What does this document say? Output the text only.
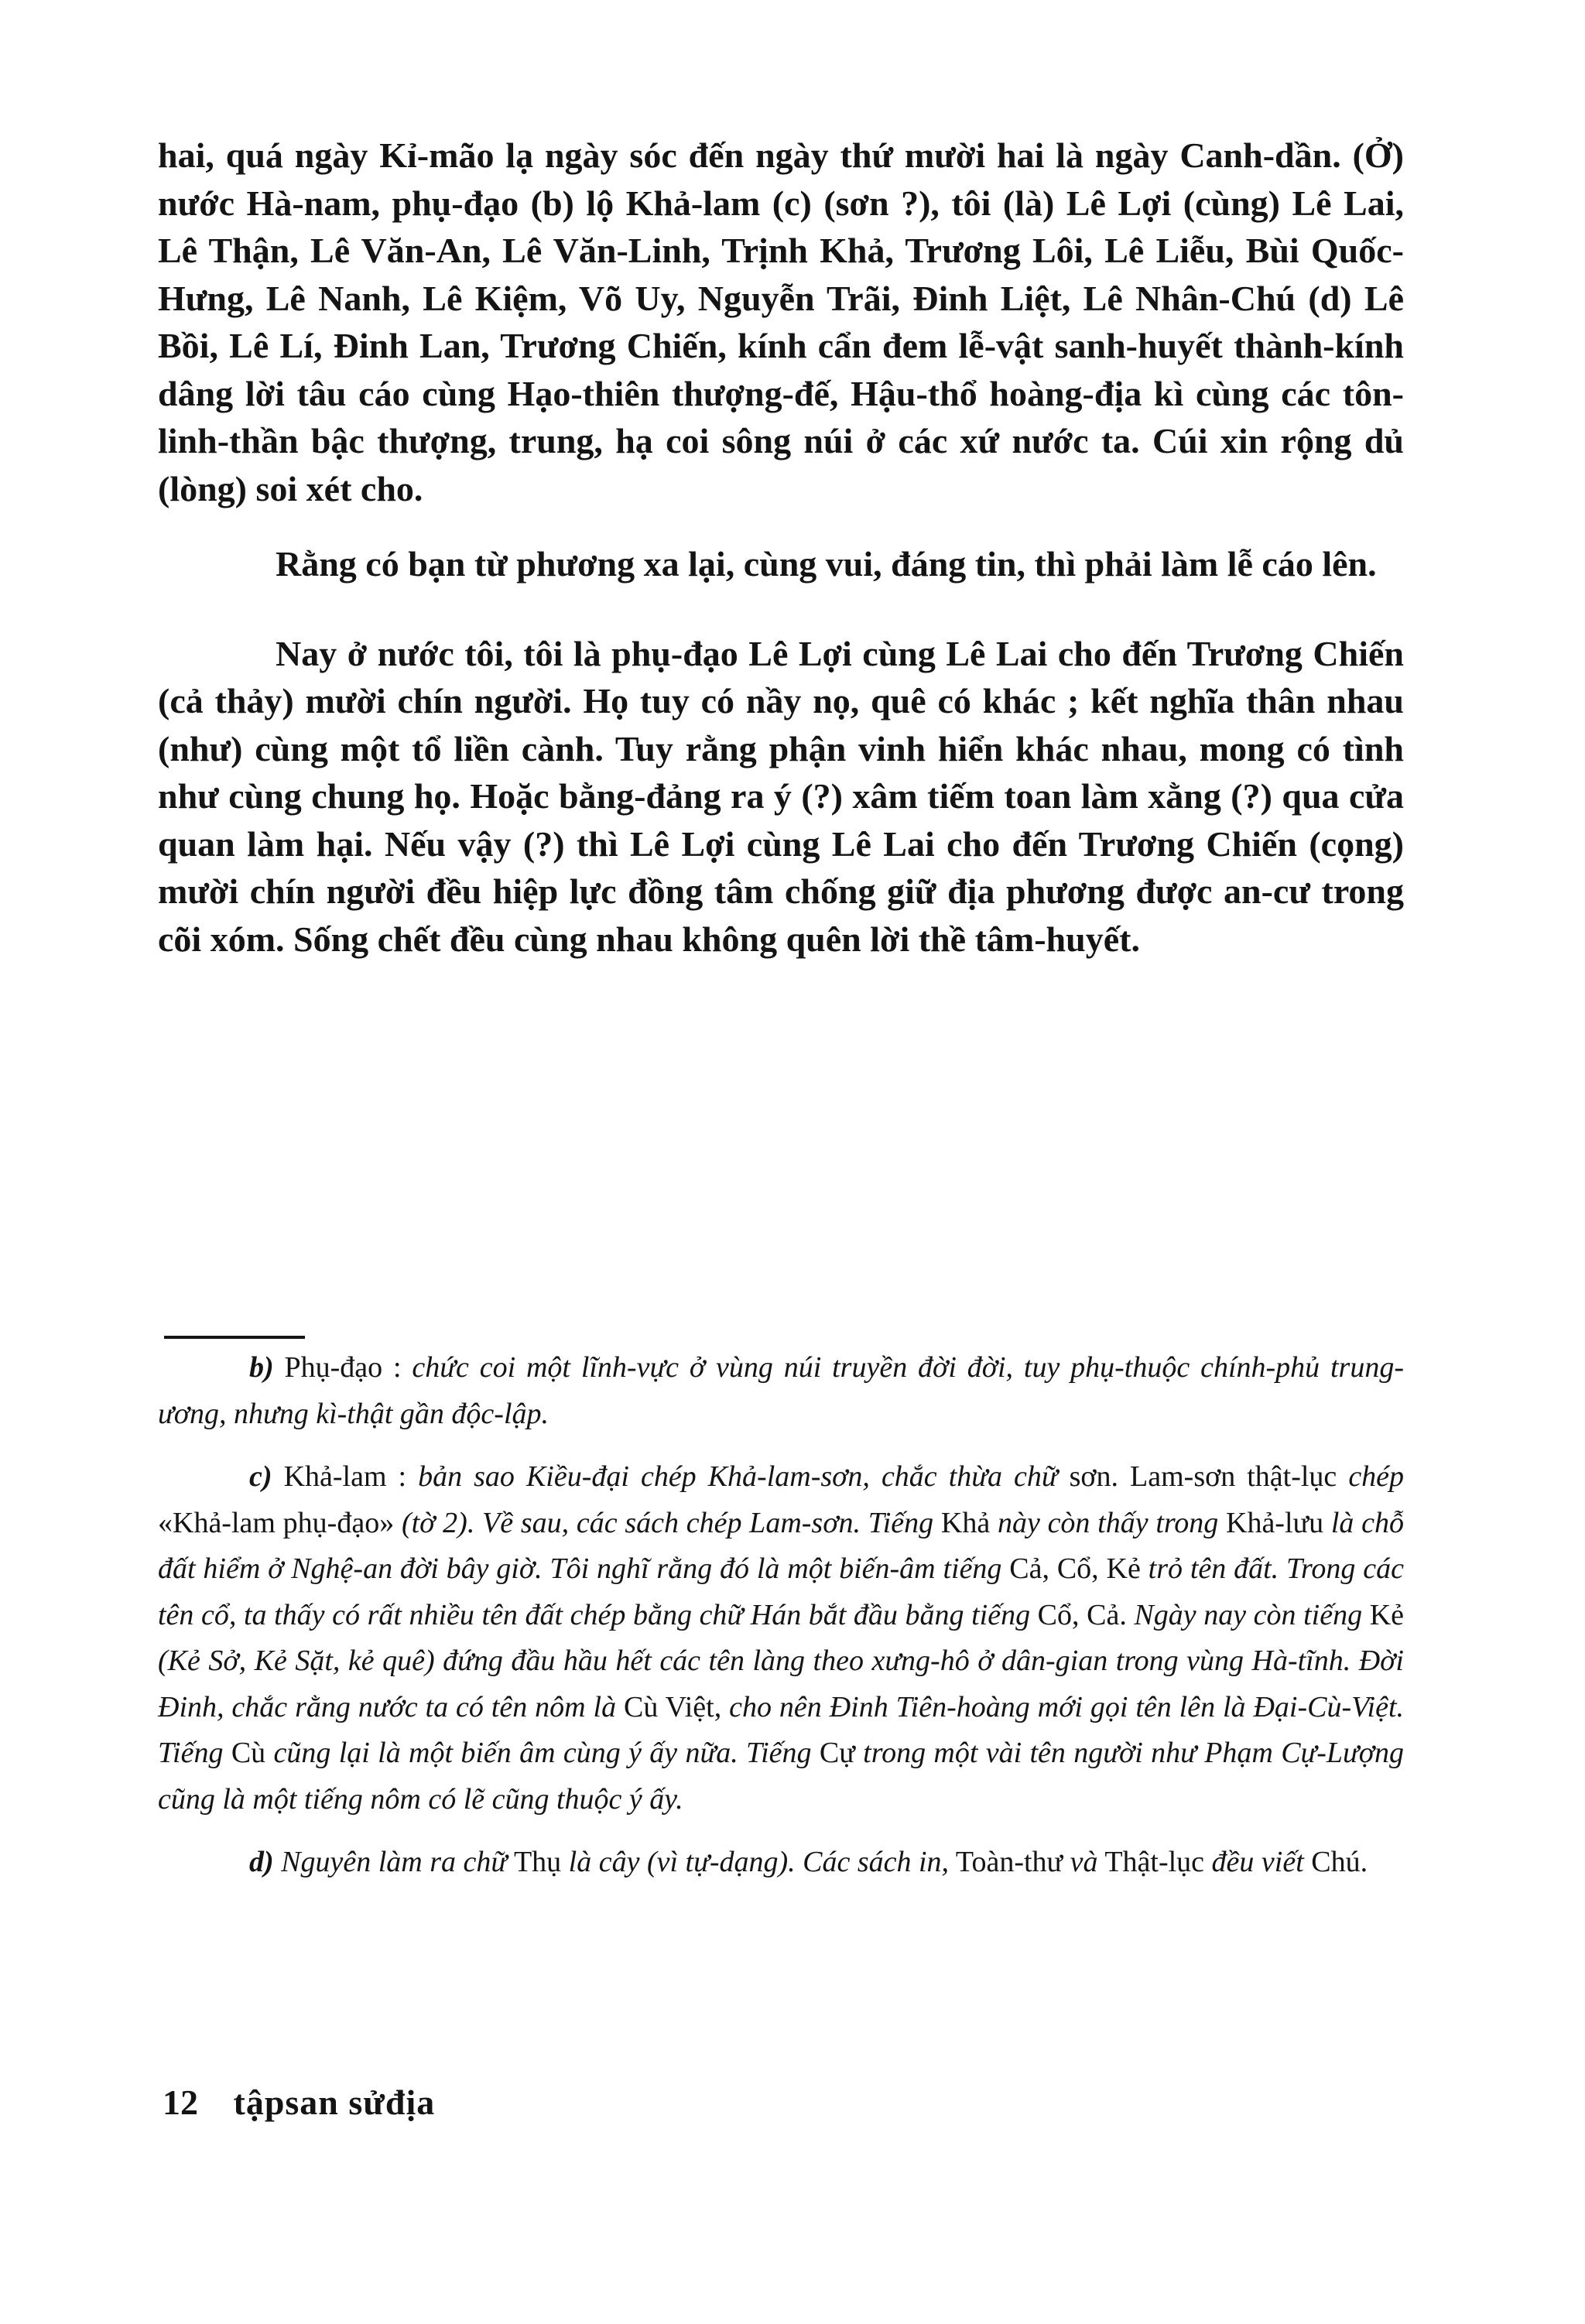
hai, quá ngày Kỉ-mão lạ ngày sóc đến ngày thứ mười hai là ngày Canh-dần. (Ở) nước Hà-nam, phụ-đạo (b) lộ Khả-lam (c) (sơn ?), tôi (là) Lê Lợi (cùng) Lê Lai, Lê Thận, Lê Văn-An, Lê Văn-Linh, Trịnh Khả, Trương Lôi, Lê Liễu, Bùi Quốc-Hưng, Lê Nanh, Lê Kiệm, Võ Uy, Nguyễn Trãi, Đinh Liệt, Lê Nhân-Chú (d) Lê Bồi, Lê Lí, Đinh Lan, Trương Chiến, kính cẩn đem lễ-vật sanh-huyết thành-kính dâng lời tâu cáo cùng Hạo-thiên thượng-đế, Hậu-thổ hoàng-địa kì cùng các tôn-linh-thần bậc thượng, trung, hạ coi sông núi ở các xứ nước ta. Cúi xin rộng dủ (lòng) soi xét cho.

Rằng có bạn từ phương xa lại, cùng vui, đáng tin, thì phải làm lễ cáo lên.

Nay ở nước tôi, tôi là phụ-đạo Lê Lợi cùng Lê Lai cho đến Trương Chiến (cả thảy) mười chín người. Họ tuy có nầy nọ, quê có khác ; kết nghĩa thân nhau (như) cùng một tổ liền cành. Tuy rằng phận vinh hiển khác nhau, mong có tình như cùng chung họ. Hoặc bằng-đảng ra ý (?) xâm tiếm toan làm xằng (?) qua cửa quan làm hại. Nếu vậy (?) thì Lê Lợi cùng Lê Lai cho đến Trương Chiến (cọng) mười chín người đều hiệp lực đồng tâm chống giữ địa phương được an-cư trong cõi xóm. Sống chết đều cùng nhau không quên lời thề tâm-huyết.

b) Phụ-đạo : chức coi một lĩnh-vực ở vùng núi truyền đời đời, tuy phụ-thuộc chính-phủ trung-ương, nhưng kì-thật gần độc-lập.

c) Khả-lam : bản sao Kiều-đại chép Khả-lam-sơn, chắc thừa chữ sơn. Lam-sơn thật-lục chép «Khả-lam phụ-đạo» (tờ 2). Về sau, các sách chép Lam-sơn. Tiếng Khả này còn thấy trong Khả-lưu là chỗ đất hiểm ở Nghệ-an đời bây giờ. Tôi nghĩ rằng đó là một biến-âm tiếng Cả, Cổ, Kẻ trỏ tên đất. Trong các tên cổ, ta thấy có rất nhiều tên đất chép bằng chữ Hán bắt đầu bằng tiếng Cổ, Cả. Ngày nay còn tiếng Kẻ (Kẻ Sở, Kẻ Sặt, kẻ quê) đứng đầu hầu hết các tên làng theo xưng-hô ở dân-gian trong vùng Hà-tĩnh. Đời Đinh, chắc rằng nước ta có tên nôm là Cù Việt, cho nên Đinh Tiên-hoàng mới gọi tên lên là Đại-Cù-Việt. Tiếng Cù cũng lại là một biến âm cùng ý ấy nữa. Tiếng Cự trong một vài tên người như Phạm Cự-Lượng cũng là một tiếng nôm có lẽ cũng thuộc ý ấy.

d) Nguyên làm ra chữ Thụ là cây (vì tự-dạng). Các sách in, Toàn-thư và Thật-lục đều viết Chú.

12 tậpsan sửđịa
